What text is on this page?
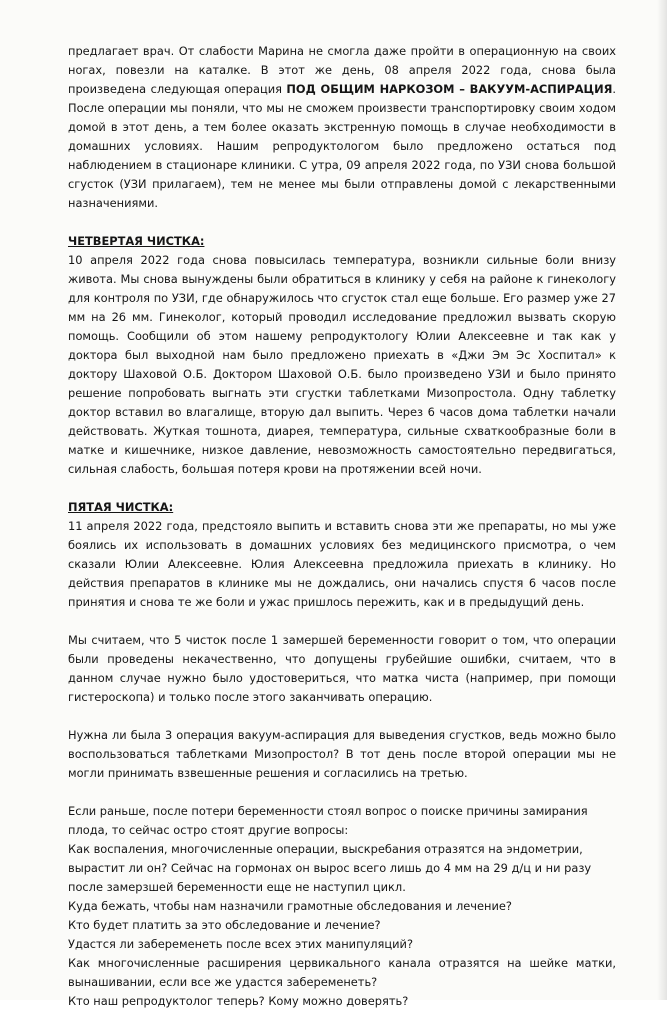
предлагает врач. От слабости Марина не смогла даже пройти в операционную на своих ногах, повезли на каталке. В этот же день, 08 апреля 2022 года, снова была произведена следующая операция ПОД ОБЩИМ НАРКОЗОМ – ВАКУУМ-АСПИРАЦИЯ. После операции мы поняли, что мы не сможем произвести транспортировку своим ходом домой в этот день, а тем более оказать экстренную помощь в случае необходимости в домашних условиях. Нашим репродуктологом было предложено остаться под наблюдением в стационаре клиники. С утра, 09 апреля 2022 года, по УЗИ снова большой сгусток (УЗИ прилагаем), тем не менее мы были отправлены домой с лекарственными назначениями.

ЧЕТВЕРТАЯ ЧИСТКА:

10 апреля 2022 года снова повысилась температура, возникли сильные боли внизу живота. Мы снова вынуждены были обратиться в клинику у себя на районе к гинекологу для контроля по УЗИ, где обнаружилось что сгусток стал еще больше. Его размер уже 27 мм на 26 мм. Гинеколог, который проводил исследование предложил вызвать скорую помощь. Сообщили об этом нашему репродуктологу Юлии Алексеевне и так как у доктора был выходной нам было предложено приехать в «Джи Эм Эс Хоспитал» к доктору Шаховой О.Б. Доктором Шаховой О.Б. было произведено УЗИ и было принято решение попробовать выгнать эти сгустки таблетками Мизопростола. Одну таблетку доктор вставил во влагалище, вторую дал выпить. Через 6 часов дома таблетки начали действовать. Жуткая тошнота, диарея, температура, сильные схваткообразные боли в матке и кишечнике, низкое давление, невозможность самостоятельно передвигаться, сильная слабость, большая потеря крови на протяжении всей ночи.

ПЯТАЯ ЧИСТКА:

11 апреля 2022 года, предстояло выпить и вставить снова эти же препараты, но мы уже боялись их использовать в домашних условиях без медицинского присмотра, о чем сказали Юлии Алексеевне. Юлия Алексеевна предложила приехать в клинику. Но действия препаратов в клинике мы не дождались, они начались спустя 6 часов после принятия и снова те же боли и ужас пришлось пережить, как и в предыдущий день.

Мы считаем, что 5 чисток после 1 замершей беременности говорит о том, что операции были проведены некачественно, что допущены грубейшие ошибки, считаем, что в данном случае нужно было удостовериться, что матка чиста (например, при помощи гистероскопа) и только после этого заканчивать операцию.

Нужна ли была 3 операция вакуум-аспирация для выведения сгустков, ведь можно было воспользоваться таблетками Мизопростол? В тот день после второй операции мы не могли принимать взвешенные решения и согласились на третью.

Если раньше, после потери беременности стоял вопрос о поиске причины замирания плода, то сейчас остро стоят другие вопросы:

Как воспаления, многочисленные операции, выскребания отразятся на эндометрии, вырастит ли он? Сейчас на гормонах он вырос всего лишь до 4 мм на 29 д/ц и ни разу после замерзшей беременности еще не наступил цикл.

Куда бежать, чтобы нам назначили грамотные обследования и лечение?

Кто будет платить за это обследование и лечение?

Удастся ли забеременеть после всех этих манипуляций?

Как многочисленные расширения цервикального канала отразятся на шейке матки, вынашивании, если все же удастся забеременеть?

Кто наш репродуктолог теперь? Кому можно доверять?
